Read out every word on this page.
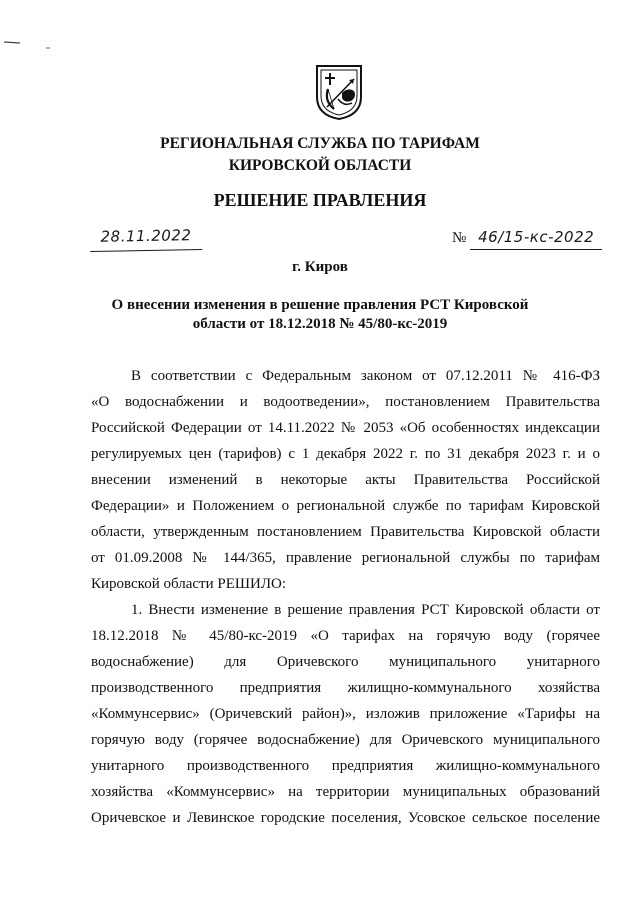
РЕГИОНАЛЬНАЯ СЛУЖБА ПО ТАРИФАМ
КИРОВСКОЙ ОБЛАСТИ
РЕШЕНИЕ ПРАВЛЕНИЯ
28.11.2022	№ 46/15-кс-2022
г. Киров
О внесении изменения в решение правления РСТ Кировской
области от 18.12.2018 № 45/80-кс-2019
В соответствии с Федеральным законом от 07.12.2011 № 416-ФЗ
«О водоснабжении и водоотведении», постановлением Правительства
Российской Федерации от 14.11.2022 № 2053 «Об особенностях индексации
регулируемых цен (тарифов) с 1 декабря 2022 г. по 31 декабря 2023 г. и о
внесении изменений в некоторые акты Правительства Российской
Федерации» и Положением о региональной службе по тарифам Кировской
области, утвержденным постановлением Правительства Кировской области
от 01.09.2008 № 144/365, правление региональной службы по тарифам
Кировской области РЕШИЛО:
1. Внести изменение в решение правления РСТ Кировской области от
18.12.2018 № 45/80-кс-2019 «О тарифах на горячую воду (горячее
водоснабжение) для Оричевского муниципального унитарного
производственного предприятия жилищно-коммунального хозяйства
«Коммунсервис» (Оричевский район)», изложив приложение «Тарифы на
горячую воду (горячее водоснабжение) для Оричевского муниципального
унитарного производственного предприятия жилищно-коммунального
хозяйства «Коммунсервис» на территории муниципальных образований
Оричевское и Левинское городские поселения, Усовское сельское поселение
